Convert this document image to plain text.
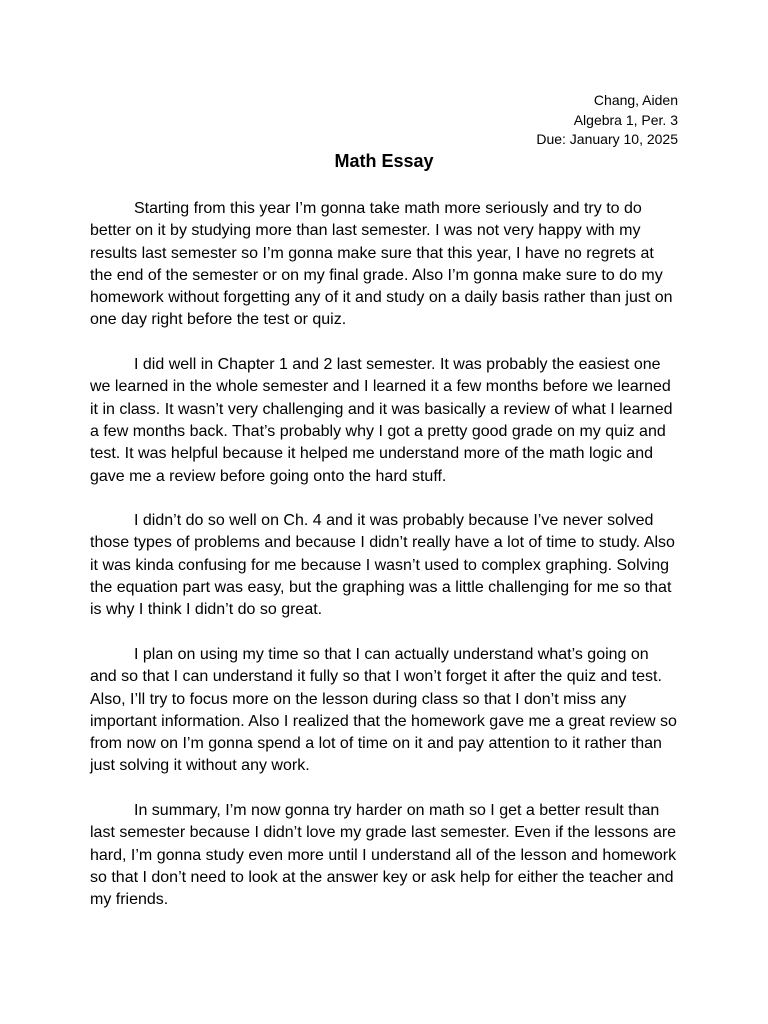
Chang, Aiden
Algebra 1, Per. 3
Due: January 10, 2025
Math Essay

Starting from this year I’m gonna take math more seriously and try to do better on it by studying more than last semester. I was not very happy with my results last semester so I’m gonna make sure that this year, I have no regrets at the end of the semester or on my final grade. Also I’m gonna make sure to do my homework without forgetting any of it and study on a daily basis rather than just on one day right before the test or quiz.

I did well in Chapter 1 and 2 last semester. It was probably the easiest one we learned in the whole semester and I learned it a few months before we learned it in class. It wasn’t very challenging and it was basically a review of what I learned a few months back. That’s probably why I got a pretty good grade on my quiz and test. It was helpful because it helped me understand more of the math logic and gave me a review before going onto the hard stuff.

I didn’t do so well on Ch. 4 and it was probably because I’ve never solved those types of problems and because I didn’t really have a lot of time to study. Also it was kinda confusing for me because I wasn’t used to complex graphing. Solving the equation part was easy, but the graphing was a little challenging for me so that is why I think I didn’t do so great.

I plan on using my time so that I can actually understand what’s going on and so that I can understand it fully so that I won’t forget it after the quiz and test. Also, I’ll try to focus more on the lesson during class so that I don’t miss any important information. Also I realized that the homework gave me a great review so from now on I’m gonna spend a lot of time on it and pay attention to it rather than just solving it without any work.

In summary, I’m now gonna try harder on math so I get a better result than last semester because I didn’t love my grade last semester. Even if the lessons are hard, I’m gonna study even more until I understand all of the lesson and homework so that I don’t need to look at the answer key or ask help for either the teacher and my friends.
